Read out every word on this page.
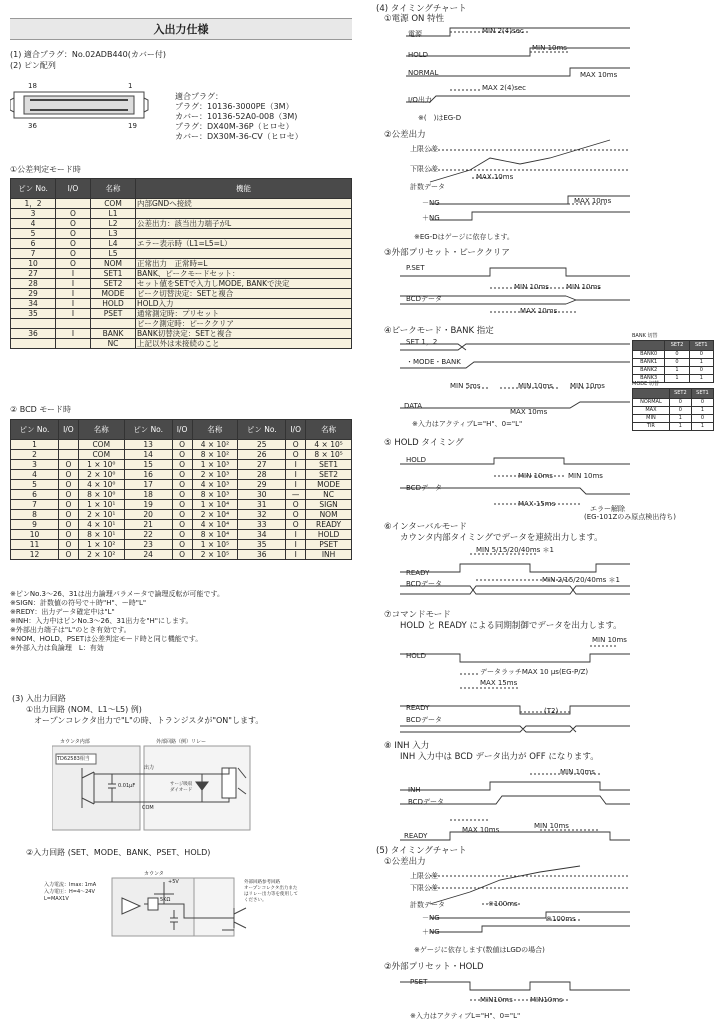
入出力仕様
(1) 適合プラグ：No.02ADB440(カバー付)
(2) ピン配列
18	1
36	19
適合プラグ：
プラグ：10136-3000PE（3M）
カバー：10136-52A0-008（3M)
プラグ：DX40M-36P（ヒロセ）
カバー：DX30M-36-CV（ヒロセ）
①公差判定モード時
ピン No.	I/O	名称	機能
1，2		COM	内部GNDへ接続
3	O	L1	
4	O	L2	公差出力：該当出力端子がL
5	O	L3	
6	O	L4	エラー表示時（L1=L5=L）
7	O	L5	
10	O	NOM	正常出力　正常時=L
27	I	SET1	BANK、ピークモードセット：
28	I	SET2	セット値をSETで入力しMODE, BANKで決定
29	I	MODE	ピーク切替決定：SETと複合
34	I	HOLD	HOLD入力
35	I	PSET	通常測定時：プリセット
			ピーク測定時：ピーククリア
36	I	BANK	BANK切替決定：SETと複合
		NC	上記以外は未接続のこと
② BCD モード時
ピン No.	I/O	名称	ピン No.	I/O	名称	ピン No.	I/O	名称
1		COM	13	O	4 × 10²	25	O	4 × 10⁵
2		COM	14	O	8 × 10²	26	O	8 × 10⁵
3	O	1 × 10⁰	15	O	1 × 10³	27	I	SET1
4	O	2 × 10⁰	16	O	2 × 10³	28	I	SET2
5	O	4 × 10⁰	17	O	4 × 10³	29	I	MODE
6	O	8 × 10⁰	18	O	8 × 10³	30	—	NC
7	O	1 × 10¹	19	O	1 × 10⁴	31	O	SIGN
8	O	2 × 10¹	20	O	2 × 10⁴	32	O	NOM
9	O	4 × 10¹	21	O	4 × 10⁴	33	O	READY
10	O	8 × 10¹	22	O	8 × 10⁴	34	I	HOLD
11	O	1 × 10²	23	O	1 × 10⁵	35	I	PSET
12	O	2 × 10²	24	O	2 × 10⁵	36	I	INH
※ピンNo.3〜26、31は出力論理パラメータで論理反転が可能です。
※SIGN：計数値の符号で＋時"H"、ー時"L"
※REDY：出力データ確定中は"L"
※INH：入力中はピンNo.3〜26、31出力を"H"にします。
※外部出力端子は"L"のとき有効です。
※NOM、HOLD、PSETは公差判定モード時と同じ機能です。
※外部入力は負論理　L：有効
(3) 入出力回路
①出力回路 (NOM、L1〜L5) 例)
オープンコレクタ出力で"L"の時、トランジスタが"ON"します。
カウンタ内部	外部回路（例）リレー
TD62583相当
出力
COM
0.01μF	サージ吸収ダイオード
②入力回路 (SET、MODE、BANK、PSET、HOLD)
入力電流：Imax: 1mA
入力電圧：H=4〜24V
L=MAX1V
カウンタ
+5V
5KΩ
外部回路参考回路
オープンコレクタ出力また
はリレー出力等を使用して
ください。
(4) タイミングチャート
①電源 ON 特性
電源
HOLD
NORMAL
I/O出力
MIN 2(4)sec
MIN 10ms
MAX 10ms
MAX 2(4)sec
※(　)はEG-D
②公差出力
上限公差
下限公差
計数データ
－NG
＋NG
MAX 10ms
MAX 10ms
※EG-Dはゲージに依存します。
③外部プリセット・ピーククリア
P.SET
BCDデータ
MIN 10ms MIN 10ms
MAX 10ms
④ピークモード・BANK 指定
SET 1，2
・MODE・BANK
DATA
MIN 5ms	MIN 10ms MIN 10ms
MAX 10ms
※入力はアクティブL="H"、0="L"
BANK 切替
	SET2	SET1
BANK0	0	0
BANK1	0	1
BANK2	1	0
BANK3	1	1
MODE 切替
	SET2	SET1
NORMAL	0	0
MAX	0	1
MIN	1	0
TIR	1	1
⑤ HOLD タイミング
HOLD
BCDデータ
MIN 10ms MIN 10ms
MAX 15ms
エラー解除
(EG-101Zのみ原点検出待ち)
⑥インターバルモード
カウンタ内部タイミングでデータを連続出力します。
READY
BCDデータ
MIN 5/15/20/40ms ＊1
MIN 2/15/20/40ms ＊1
⑦コマンドモード
HOLD と READY による同期制御でデータを出力します。
HOLD
READY
BCDデータ
MIN 10ms
データラッチMAX 10 μs(EG-P/Z)
MAX 15ms
(T2)
⑧ INH 入力
INH 入力中は BCD データ出力が OFF になります。
INH
BCDデータ
READY
MIN 10ms
MAX 10ms	MIN 10ms
(5) タイミングチャート
①公差出力
上限公差
下限公差
計数データ
－NG
＋NG
※100ms
※100ms
※ゲージに依存します(数値はLGDの場合)
②外部プリセット・HOLD
PSET
MIN10ms MIN10ms
※入力はアクティブL="H"、0="L"
